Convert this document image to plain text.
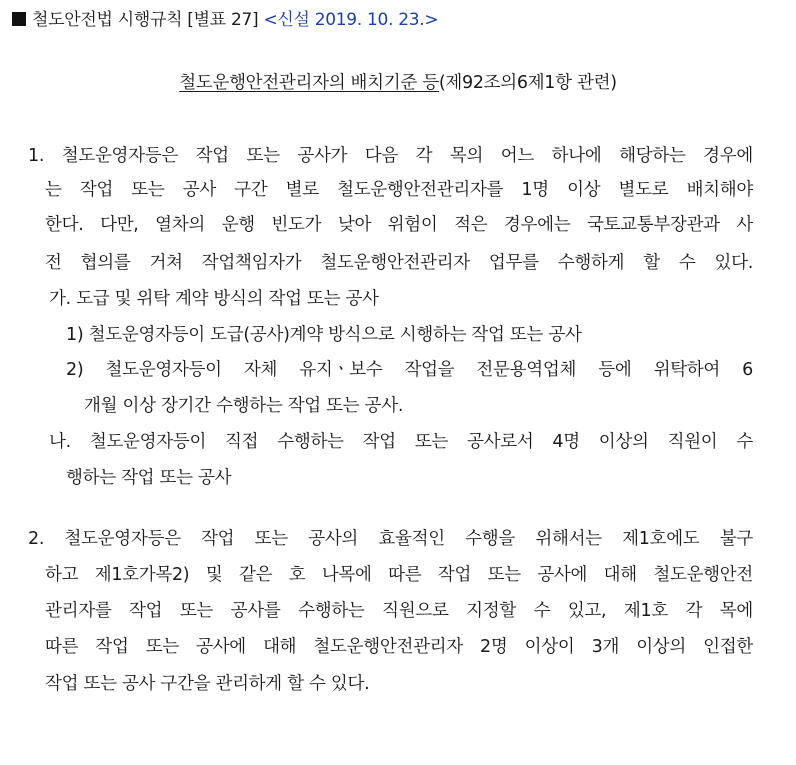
철도안전법 시행규칙 [별표 27] <신설 2019. 10. 23.>
철도운행안전관리자의 배치기준 등(제92조의6제1항 관련)
1. 철도운영자등은 작업 또는 공사가 다음 각 목의 어느 하나에 해당하는 경우에
는 작업 또는 공사 구간 별로 철도운행안전관리자를 1명 이상 별도로 배치해야
한다. 다만, 열차의 운행 빈도가 낮아 위험이 적은 경우에는 국토교통부장관과 사
전 협의를 거쳐 작업책임자가 철도운행안전관리자 업무를 수행하게 할 수 있다.
가. 도급 및 위탁 계약 방식의 작업 또는 공사
1) 철도운영자등이 도급(공사)계약 방식으로 시행하는 작업 또는 공사
2) 철도운영자등이 자체 유지ㆍ보수 작업을 전문용역업체 등에 위탁하여 6
개월 이상 장기간 수행하는 작업 또는 공사.
나. 철도운영자등이 직접 수행하는 작업 또는 공사로서 4명 이상의 직원이 수
행하는 작업 또는 공사
2. 철도운영자등은 작업 또는 공사의 효율적인 수행을 위해서는 제1호에도 불구
하고 제1호가목2) 및 같은 호 나목에 따른 작업 또는 공사에 대해 철도운행안전
관리자를 작업 또는 공사를 수행하는 직원으로 지정할 수 있고, 제1호 각 목에
따른 작업 또는 공사에 대해 철도운행안전관리자 2명 이상이 3개 이상의 인접한
작업 또는 공사 구간을 관리하게 할 수 있다.
